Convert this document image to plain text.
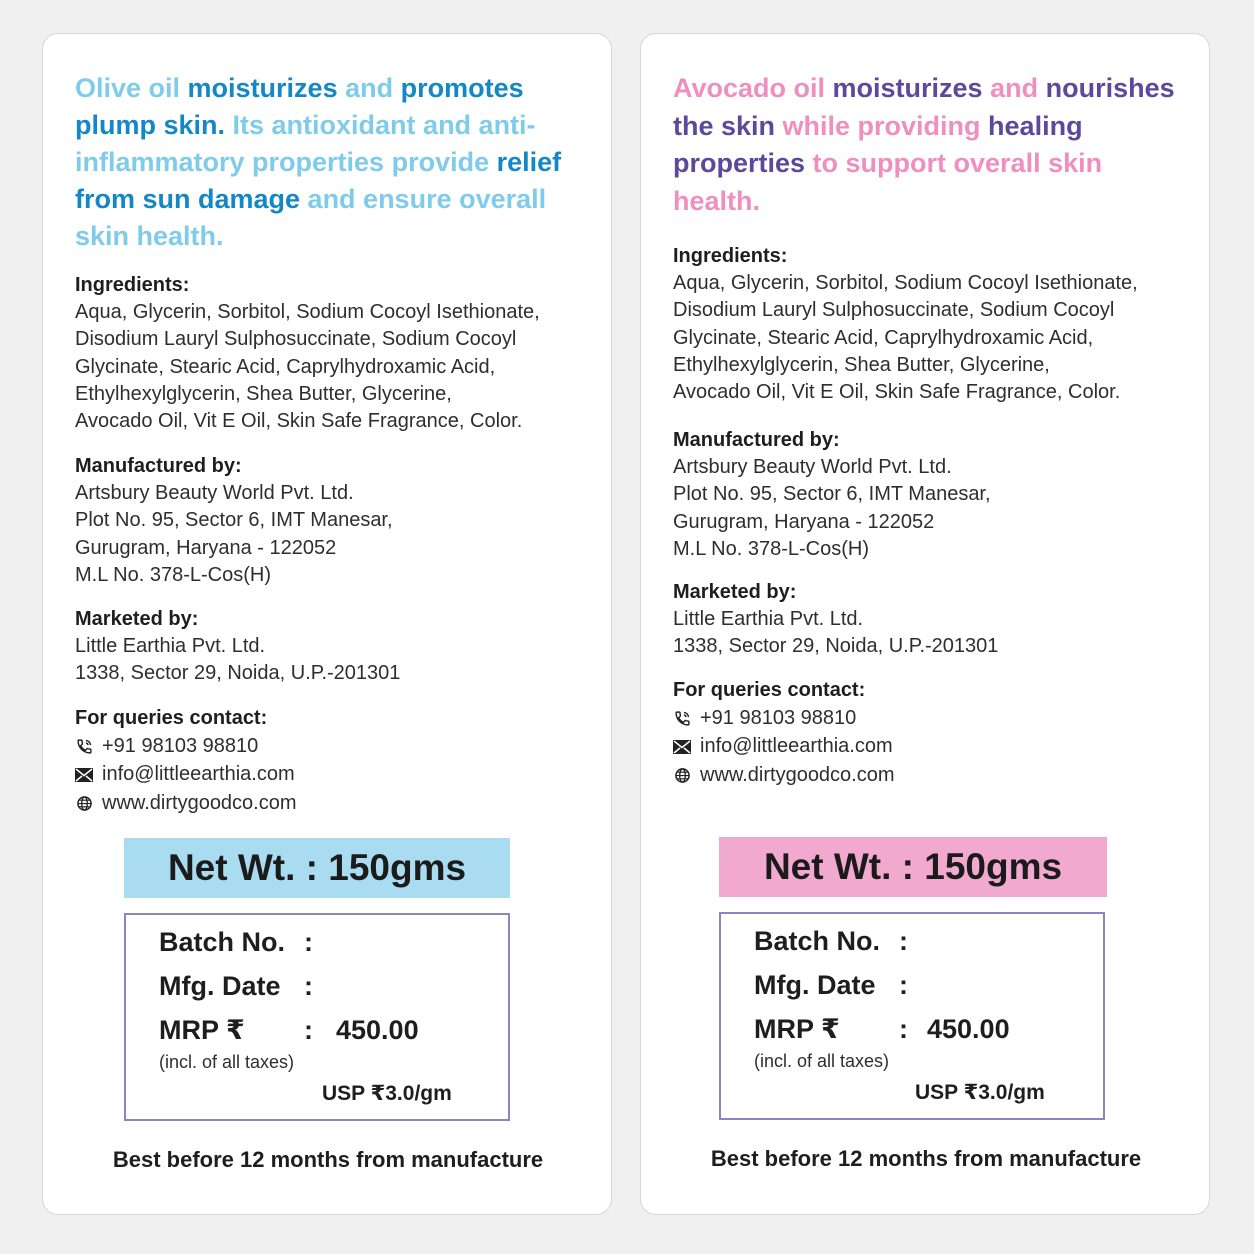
Olive oil moisturizes and promotes plump skin. Its antioxidant and anti-inflammatory properties provide relief from sun damage and ensure overall skin health.

Ingredients:
Aqua, Glycerin, Sorbitol, Sodium Cocoyl Isethionate,
Disodium Lauryl Sulphosuccinate, Sodium Cocoyl
Glycinate, Stearic Acid, Caprylhydroxamic Acid,
Ethylhexylglycerin, Shea Butter, Glycerine,
Avocado Oil, Vit E Oil, Skin Safe Fragrance, Color.
Manufactured by:
Artsbury Beauty World Pvt. Ltd.
Plot No. 95, Sector 6, IMT Manesar,
Gurugram, Haryana - 122052
M.L No. 378-L-Cos(H)
Marketed by:
Little Earthia Pvt. Ltd.
1338, Sector 29, Noida, U.P.-201301
For queries contact:
+91 98103 98810
info@littleearthia.com
www.dirtygoodco.com
Net Wt. : 150gms
Batch No. :
Mfg. Date :
MRP ₹ : 450.00
(incl. of all taxes)
USP ₹3.0/gm
Best before 12 months from manufacture

Avocado oil moisturizes and nourishes the skin while providing healing properties to support overall skin health.

Ingredients:
Aqua, Glycerin, Sorbitol, Sodium Cocoyl Isethionate,
Disodium Lauryl Sulphosuccinate, Sodium Cocoyl
Glycinate, Stearic Acid, Caprylhydroxamic Acid,
Ethylhexylglycerin, Shea Butter, Glycerine,
Avocado Oil, Vit E Oil, Skin Safe Fragrance, Color.
Manufactured by:
Artsbury Beauty World Pvt. Ltd.
Plot No. 95, Sector 6, IMT Manesar,
Gurugram, Haryana - 122052
M.L No. 378-L-Cos(H)
Marketed by:
Little Earthia Pvt. Ltd.
1338, Sector 29, Noida, U.P.-201301
For queries contact:
+91 98103 98810
info@littleearthia.com
www.dirtygoodco.com
Net Wt. : 150gms
Batch No. :
Mfg. Date :
MRP ₹ : 450.00
(incl. of all taxes)
USP ₹3.0/gm
Best before 12 months from manufacture
